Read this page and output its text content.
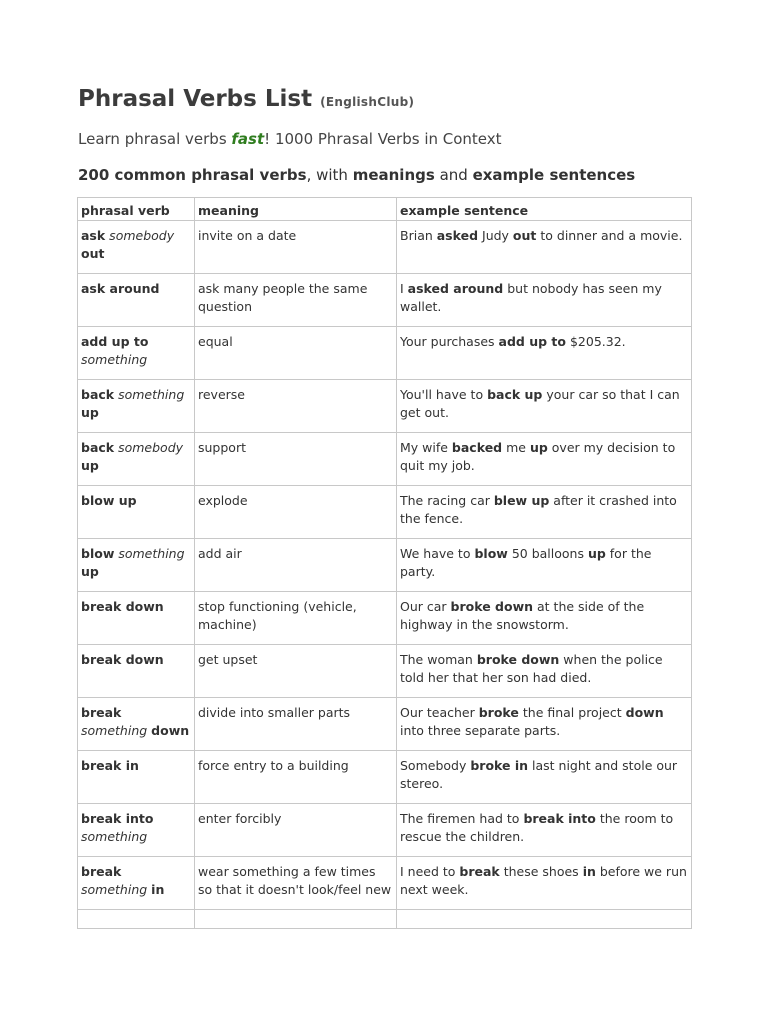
Phrasal Verbs List (EnglishClub)
Learn phrasal verbs fast! 1000 Phrasal Verbs in Context
200 common phrasal verbs, with meanings and example sentences
phrasal verb	meaning	example sentence
ask somebody out	invite on a date	Brian asked Judy out to dinner and a movie.
ask around	ask many people the same question	I asked around but nobody has seen my wallet.
add up to something	equal	Your purchases add up to $205.32.
back something up	reverse	You'll have to back up your car so that I can get out.
back somebody up	support	My wife backed me up over my decision to quit my job.
blow up	explode	The racing car blew up after it crashed into the fence.
blow something up	add air	We have to blow 50 balloons up for the party.
break down	stop functioning (vehicle, machine)	Our car broke down at the side of the highway in the snowstorm.
break down	get upset	The woman broke down when the police told her that her son had died.
break something down	divide into smaller parts	Our teacher broke the final project down into three separate parts.
break in	force entry to a building	Somebody broke in last night and stole our stereo.
break into something	enter forcibly	The firemen had to break into the room to rescue the children.
break something in	wear something a few times so that it doesn't look/feel new	I need to break these shoes in before we run next week.
